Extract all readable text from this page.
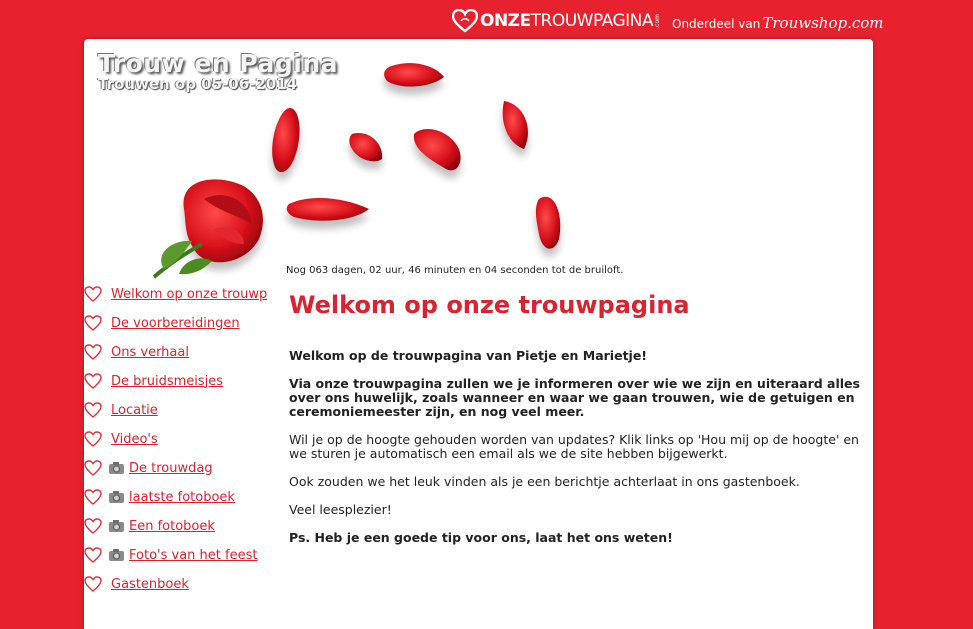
ONZE TROUWPAGINA .com Onderdeel van Trouwshop.com
Trouw en Pagina
Trouwen op 05-06-2014
Nog 063 dagen, 02 uur, 46 minuten en 04 seconden tot de bruiloft.
Welkom op onze trouwp
De voorbereidingen
Ons verhaal
De bruidsmeisjes
Locatie
Video's
De trouwdag
laatste fotoboek
Een fotoboek
Foto's van het feest
Gastenboek
Welkom op onze trouwpagina

Welkom op de trouwpagina van Pietje en Marietje!

Via onze trouwpagina zullen we je informeren over wie we zijn en uiteraard alles over ons huwelijk, zoals wanneer en waar we gaan trouwen, wie de getuigen en ceremoniemeester zijn, en nog veel meer.

Wil je op de hoogte gehouden worden van updates? Klik links op 'Hou mij op de hoogte' en we sturen je automatisch een email als we de site hebben bijgewerkt.

Ook zouden we het leuk vinden als je een berichtje achterlaat in ons gastenboek.

Veel leesplezier!

Ps. Heb je een goede tip voor ons, laat het ons weten!
